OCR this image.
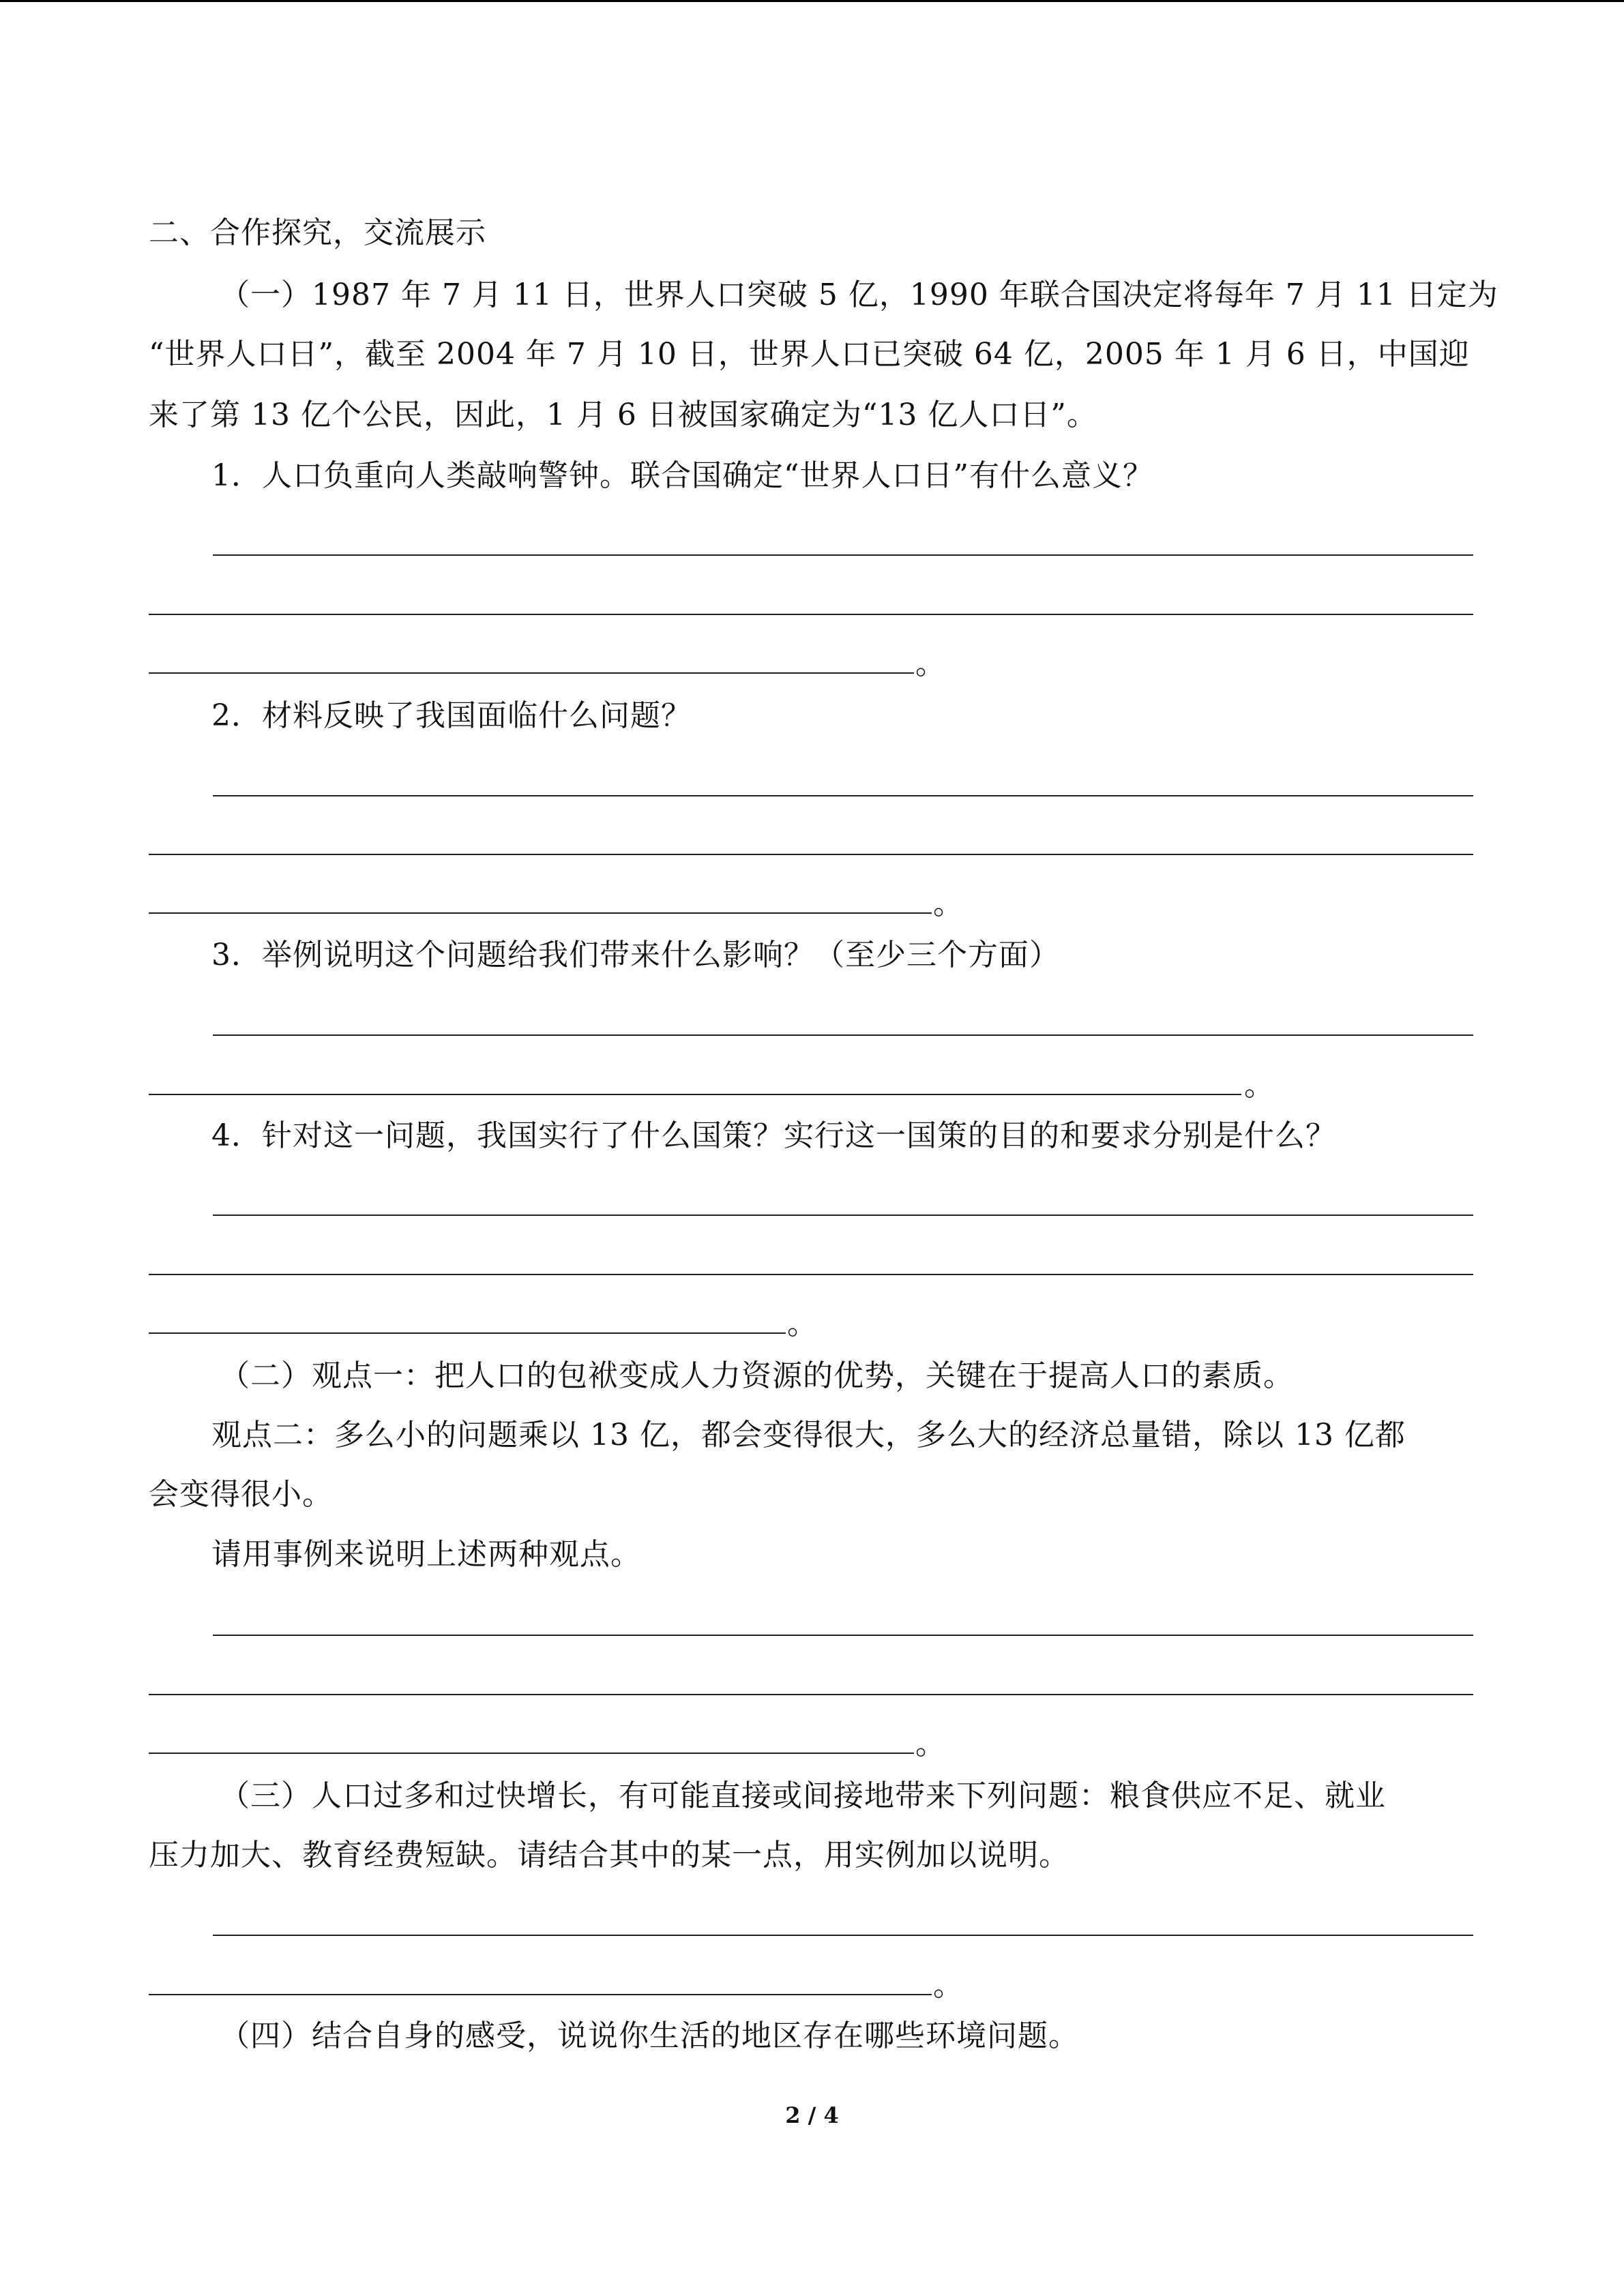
二、合作探究，交流展示
（一）1987 年 7 月 11 日，世界人口突破 5 亿，1990 年联合国决定将每年 7 月 11 日定为
“世界人口日”，截至 2004 年 7 月 10 日，世界人口已突破 64 亿，2005 年 1 月 6 日，中国迎
来了第 13 亿个公民，因此，1 月 6 日被国家确定为“13 亿人口日”。
1．人口负重向人类敲响警钟。联合国确定“世界人口日”有什么意义？
。
2．材料反映了我国面临什么问题？
。
3．举例说明这个问题给我们带来什么影响？（至少三个方面）
。
4．针对这一问题，我国实行了什么国策？实行这一国策的目的和要求分别是什么？
。
（二）观点一：把人口的包袱变成人力资源的优势，关键在于提高人口的素质。
观点二：多么小的问题乘以 13 亿，都会变得很大，多么大的经济总量错，除以 13 亿都
会变得很小。
请用事例来说明上述两种观点。
。
（三）人口过多和过快增长，有可能直接或间接地带来下列问题：粮食供应不足、就业
压力加大、教育经费短缺。请结合其中的某一点，用实例加以说明。
。
（四）结合自身的感受，说说你生活的地区存在哪些环境问题。
2 / 4
